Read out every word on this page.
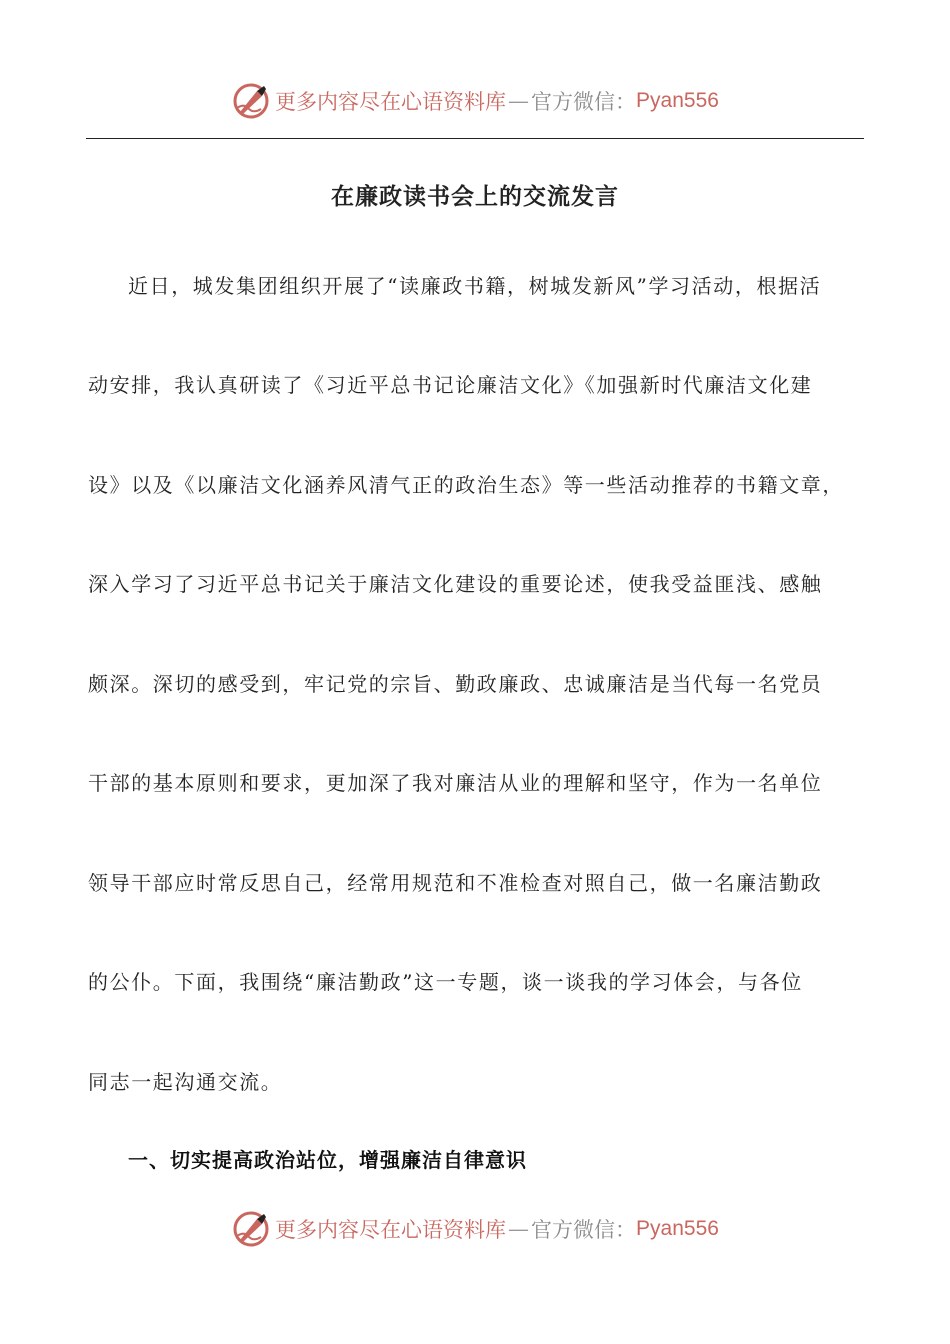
更多内容尽在心语资料库 — 官方微信： Pyan556
在廉政读书会上的交流发言
近日，城发集团组织开展了“读廉政书籍，树城发新风”学习活动，根据活
动安排，我认真研读了《习近平总书记论廉洁文化》《加强新时代廉洁文化建
设》以及《以廉洁文化涵养风清气正的政治生态》等一些活动推荐的书籍文章，
深入学习了习近平总书记关于廉洁文化建设的重要论述，使我受益匪浅、感触
颇深。深切的感受到，牢记党的宗旨、勤政廉政、忠诚廉洁是当代每一名党员
干部的基本原则和要求，更加深了我对廉洁从业的理解和坚守，作为一名单位
领导干部应时常反思自己，经常用规范和不准检查对照自己，做一名廉洁勤政
的公仆。下面，我围绕“廉洁勤政”这一专题，谈一谈我的学习体会，与各位
同志一起沟通交流。
一、切实提高政治站位，增强廉洁自律意识
更多内容尽在心语资料库 — 官方微信： Pyan556
